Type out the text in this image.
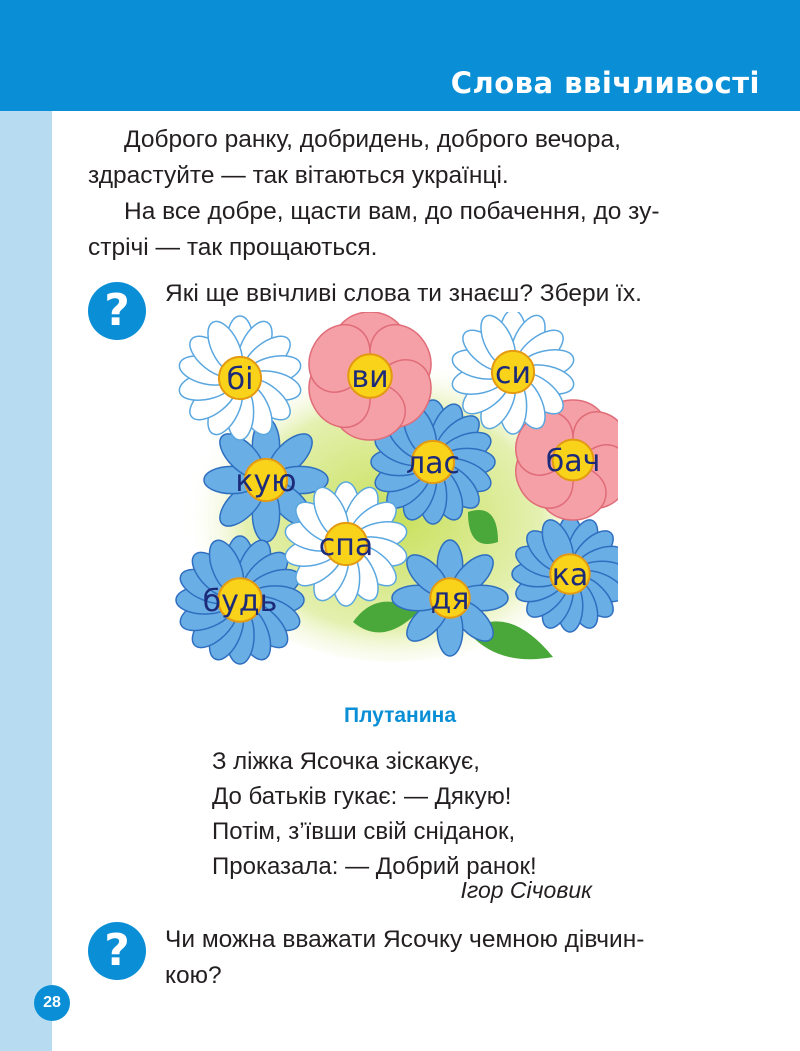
Слова ввічливості

Доброго ранку, добридень, доброго вечора,

здрастуйте — так вітаються українці.

На все добре, щасти вам, до побачення, до зу-

стрічі — так прощаються.

?	Які ще ввічливі слова ти знаєш? Збери їх.
кую
будь
ка
лас
дя
бач
ви
спа
бі	си
Плутанина
З ліжка Ясочка зіскакує,
До батьків гукає: — Дякую!
Потім, з’ївши свій сніданок,
Проказала: — Добрий ранок!
Ігор Січовик
?	Чи можна вважати Ясочку чемною дівчин-
кою?
28
